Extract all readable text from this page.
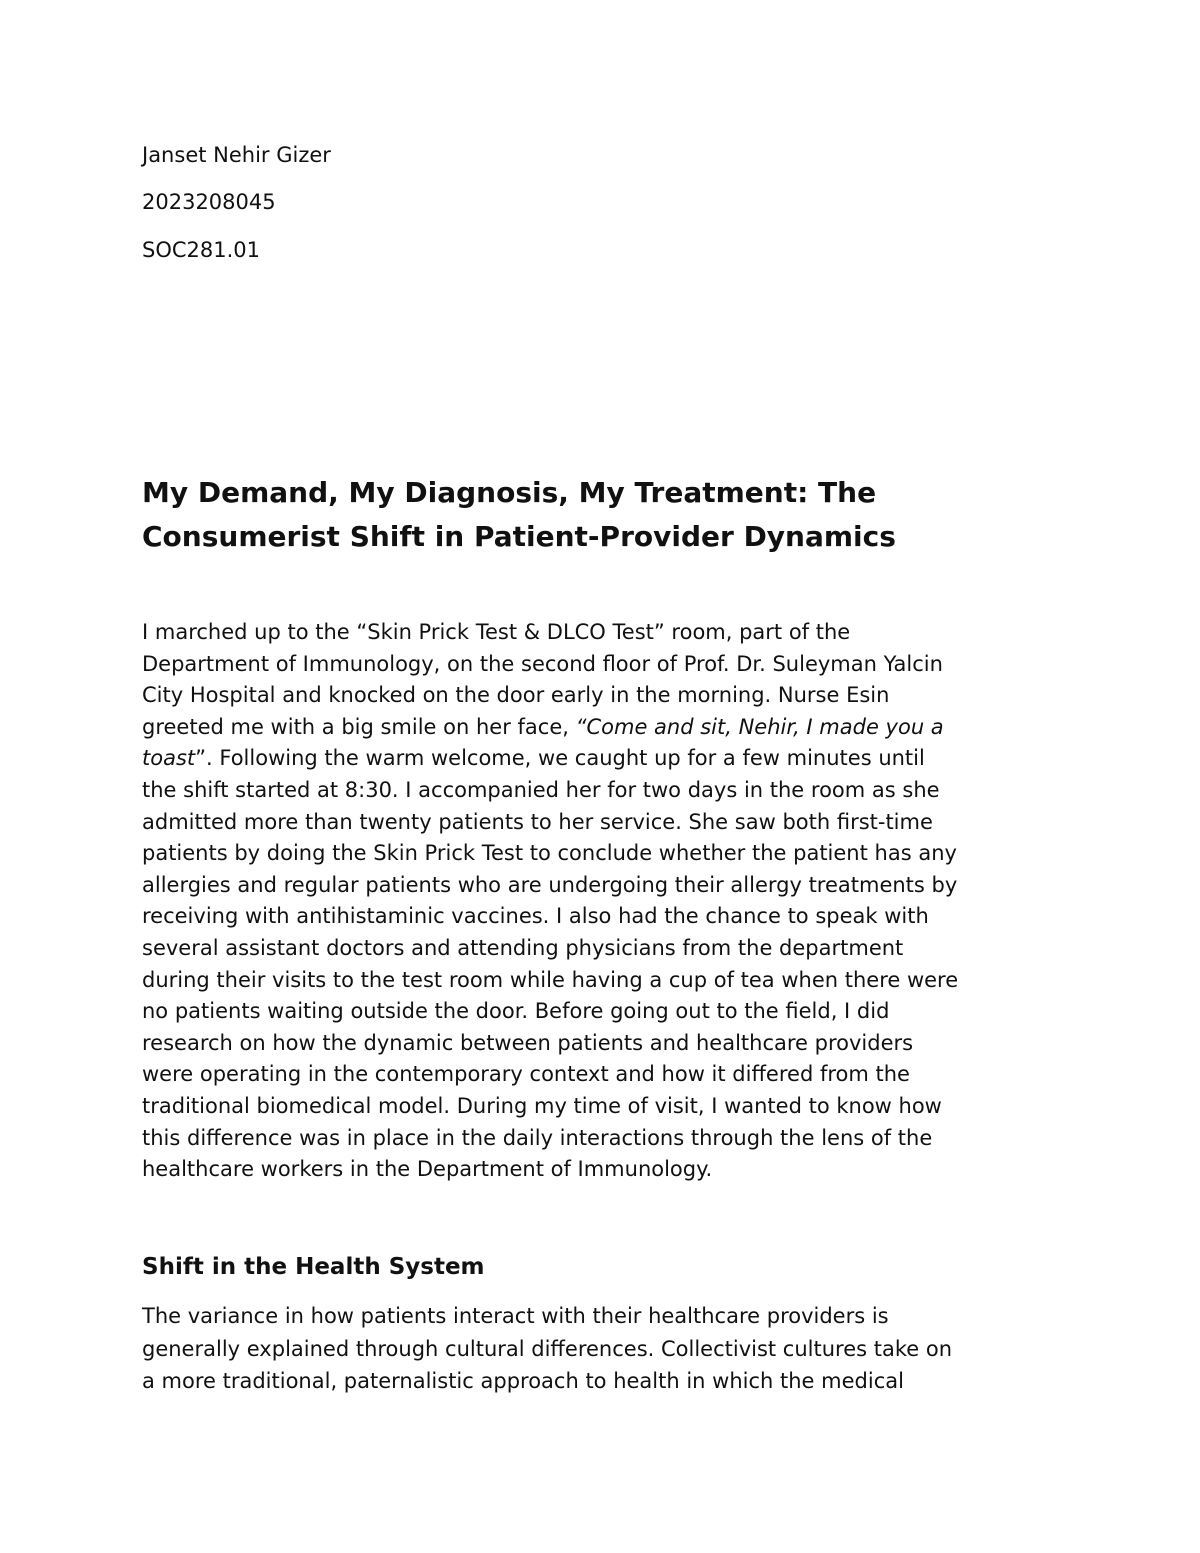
Janset Nehir Gizer

2023208045

SOC281.01

My Demand, My Diagnosis, My Treatment: The
Consumerist Shift in Patient-Provider Dynamics

I marched up to the “Skin Prick Test & DLCO Test” room, part of the
Department of Immunology, on the second floor of Prof. Dr. Suleyman Yalcin
City Hospital and knocked on the door early in the morning. Nurse Esin
greeted me with a big smile on her face, “Come and sit, Nehir, I made you a
toast”. Following the warm welcome, we caught up for a few minutes until
the shift started at 8:30. I accompanied her for two days in the room as she
admitted more than twenty patients to her service. She saw both first-time
patients by doing the Skin Prick Test to conclude whether the patient has any
allergies and regular patients who are undergoing their allergy treatments by
receiving with antihistaminic vaccines. I also had the chance to speak with
several assistant doctors and attending physicians from the department
during their visits to the test room while having a cup of tea when there were
no patients waiting outside the door. Before going out to the field, I did
research on how the dynamic between patients and healthcare providers
were operating in the contemporary context and how it differed from the
traditional biomedical model. During my time of visit, I wanted to know how
this difference was in place in the daily interactions through the lens of the
healthcare workers in the Department of Immunology.

Shift in the Health System

The variance in how patients interact with their healthcare providers is
generally explained through cultural differences. Collectivist cultures take on
a more traditional, paternalistic approach to health in which the medical
